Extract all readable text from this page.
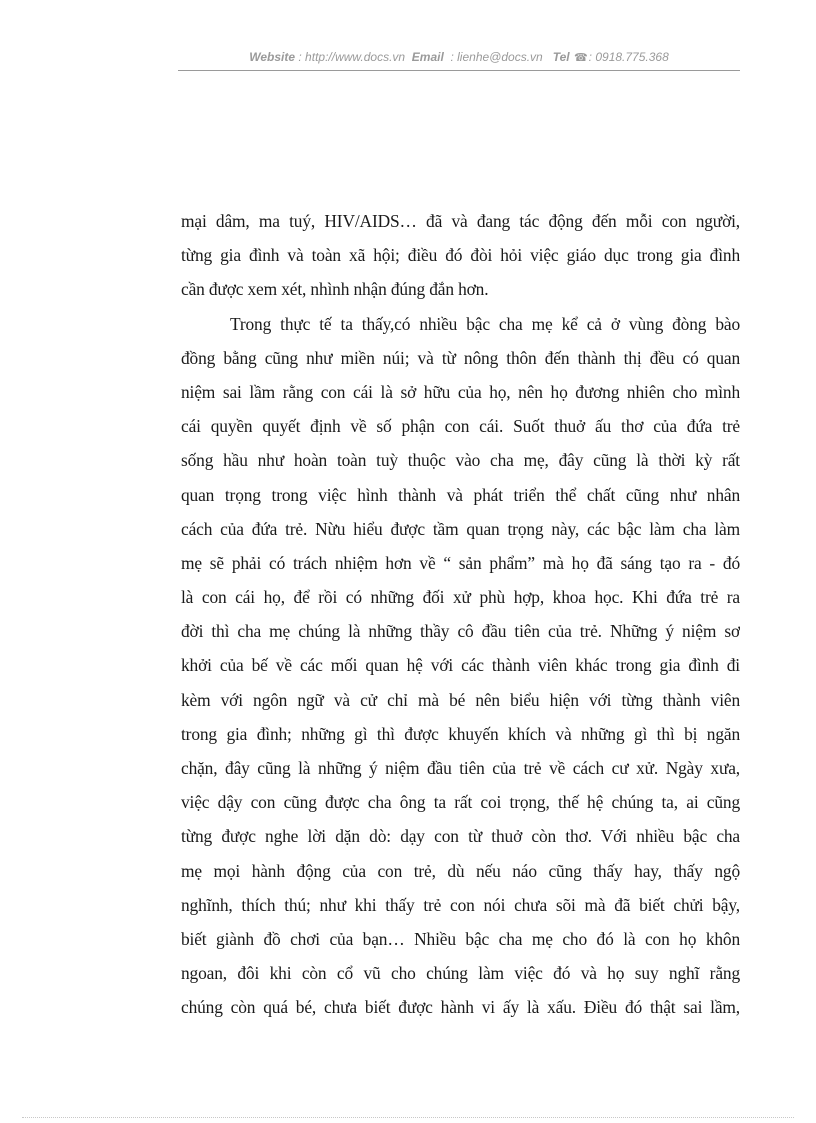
Website : http://www.docs.vn Email : lienhe@docs.vn Tel ☎: 0918.775.368
mại dâm, ma tuý, HIV/AIDS… đã và đang tác động đến mỗi con người,
từng gia đình và toàn xã hội; điều đó đòi hỏi việc giáo dục trong gia đình
cần được xem xét, nhình nhận đúng đắn hơn.
Trong thực tế ta thấy,có nhiều bậc cha mẹ kể cả ở vùng đòng bào
đồng bằng cũng như miền núi; và từ nông thôn đến thành thị đều có quan
niệm sai lầm rằng con cái là sở hữu của họ, nên họ đương nhiên cho mình
cái quyền quyết định về số phận con cái. Suốt thuở ấu thơ của đứa trẻ
sống hầu như hoàn toàn tuỳ thuộc vào cha mẹ, đây cũng là thời kỳ rất
quan trọng trong việc hình thành và phát triển thể chất cũng như nhân
cách của đứa trẻ. Nừu hiểu được tầm quan trọng này, các bậc làm cha làm
mẹ sẽ phải có trách nhiệm hơn về “ sản phẩm” mà họ đã sáng tạo ra - đó
là con cái họ, để rồi có những đối xử phù hợp, khoa học. Khi đứa trẻ ra
đời thì cha mẹ chúng là những thầy cô đầu tiên của trẻ. Những ý niệm sơ
khởi của bế về các mối quan hệ với các thành viên khác trong gia đình đi
kèm với ngôn ngữ và cử chỉ mà bé nên biểu hiện với từng thành viên
trong gia đình; những gì thì được khuyến khích và những gì thì bị ngăn
chặn, đây cũng là những ý niệm đầu tiên của trẻ về cách cư xử. Ngày xưa,
việc dậy con cũng được cha ông ta rất coi trọng, thế hệ chúng ta, ai cũng
từng được nghe lời dặn dò: dạy con từ thuở còn thơ. Với nhiều bậc cha
mẹ mọi hành động của con trẻ, dù nếu náo cũng thấy hay, thấy ngộ
nghĩnh, thích thú; như khi thấy trẻ con nói chưa sõi mà đã biết chửi bậy,
biết giành đồ chơi của bạn… Nhiều bậc cha mẹ cho đó là con họ khôn
ngoan, đôi khi còn cổ vũ cho chúng làm việc đó và họ suy nghĩ rằng
chúng còn quá bé, chưa biết được hành vi ấy là xấu. Điều đó thật sai lầm,
